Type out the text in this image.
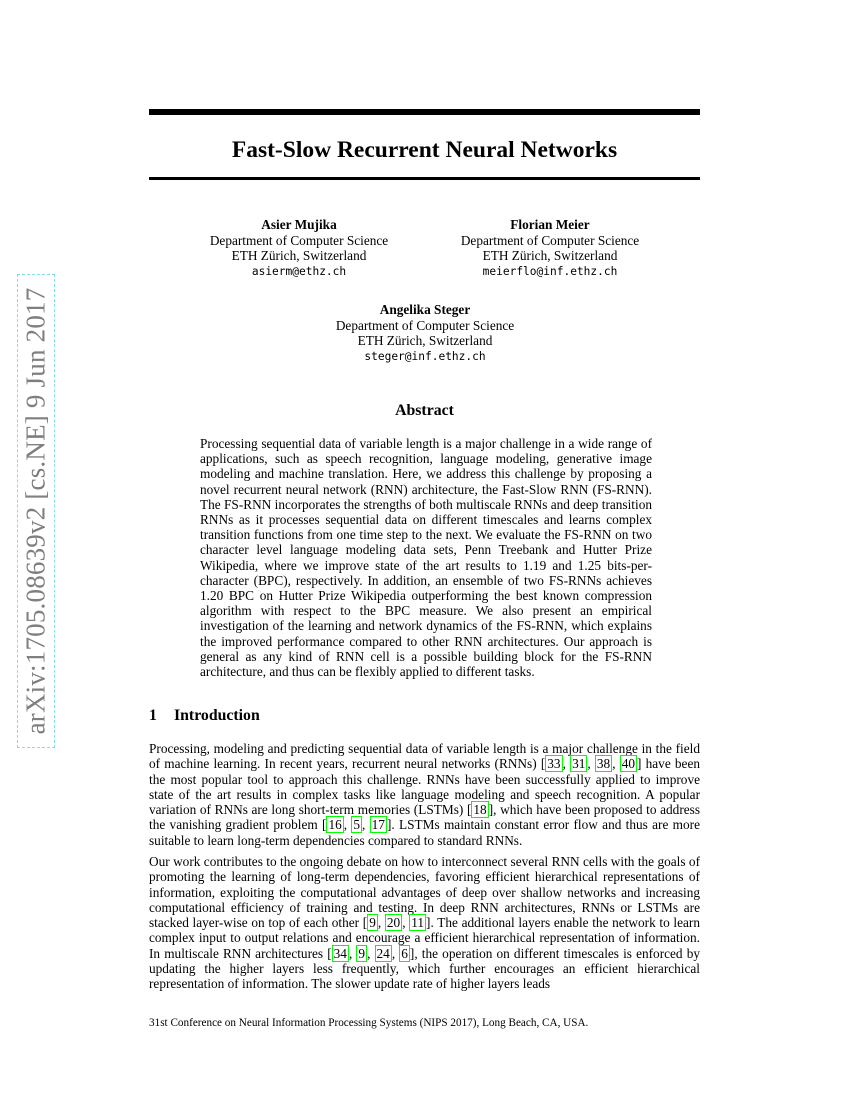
arXiv:1705.08639v2 [cs.NE] 9 Jun 2017
Fast-Slow Recurrent Neural Networks
Asier Mujika
Department of Computer Science
ETH Zürich, Switzerland
asierm@ethz.ch
Florian Meier
Department of Computer Science
ETH Zürich, Switzerland
meierflo@inf.ethz.ch
Angelika Steger
Department of Computer Science
ETH Zürich, Switzerland
steger@inf.ethz.ch
Abstract
Processing sequential data of variable length is a major challenge in a wide range of applications, such as speech recognition, language modeling, generative image modeling and machine translation. Here, we address this challenge by proposing a novel recurrent neural network (RNN) architecture, the Fast-Slow RNN (FS-RNN). The FS-RNN incorporates the strengths of both multiscale RNNs and deep transition RNNs as it processes sequential data on different timescales and learns complex transition functions from one time step to the next. We evaluate the FS-RNN on two character level language modeling data sets, Penn Treebank and Hutter Prize Wikipedia, where we improve state of the art results to 1.19 and 1.25 bits-per-character (BPC), respectively. In addition, an ensemble of two FS-RNNs achieves 1.20 BPC on Hutter Prize Wikipedia outperforming the best known compression algorithm with respect to the BPC measure. We also present an empirical investigation of the learning and network dynamics of the FS-RNN, which explains the improved performance compared to other RNN architectures. Our approach is general as any kind of RNN cell is a possible building block for the FS-RNN architecture, and thus can be flexibly applied to different tasks.
1 Introduction
Processing, modeling and predicting sequential data of variable length is a major challenge in the field of machine learning. In recent years, recurrent neural networks (RNNs) [ 33 , 31 , 38 , 40 ] have been the most popular tool to approach this challenge. RNNs have been successfully applied to improve state of the art results in complex tasks like language modeling and speech recognition. A popular variation of RNNs are long short-term memories (LSTMs) [ 18 ], which have been proposed to address the vanishing gradient problem [ 16 , 5 , 17 ]. LSTMs maintain constant error flow and thus are more suitable to learn long-term dependencies compared to standard RNNs.
Our work contributes to the ongoing debate on how to interconnect several RNN cells with the goals of promoting the learning of long-term dependencies, favoring efficient hierarchical representations of information, exploiting the computational advantages of deep over shallow networks and increasing computational efficiency of training and testing. In deep RNN architectures, RNNs or LSTMs are stacked layer-wise on top of each other [ 9 , 20 , 11 ]. The additional layers enable the network to learn complex input to output relations and encourage a efficient hierarchical representation of information. In multiscale RNN architectures [ 34 , 9 , 24 , 6 ], the operation on different timescales is enforced by updating the higher layers less frequently, which further encourages an efficient hierarchical representation of information. The slower update rate of higher layers leads
31st Conference on Neural Information Processing Systems (NIPS 2017), Long Beach, CA, USA.
